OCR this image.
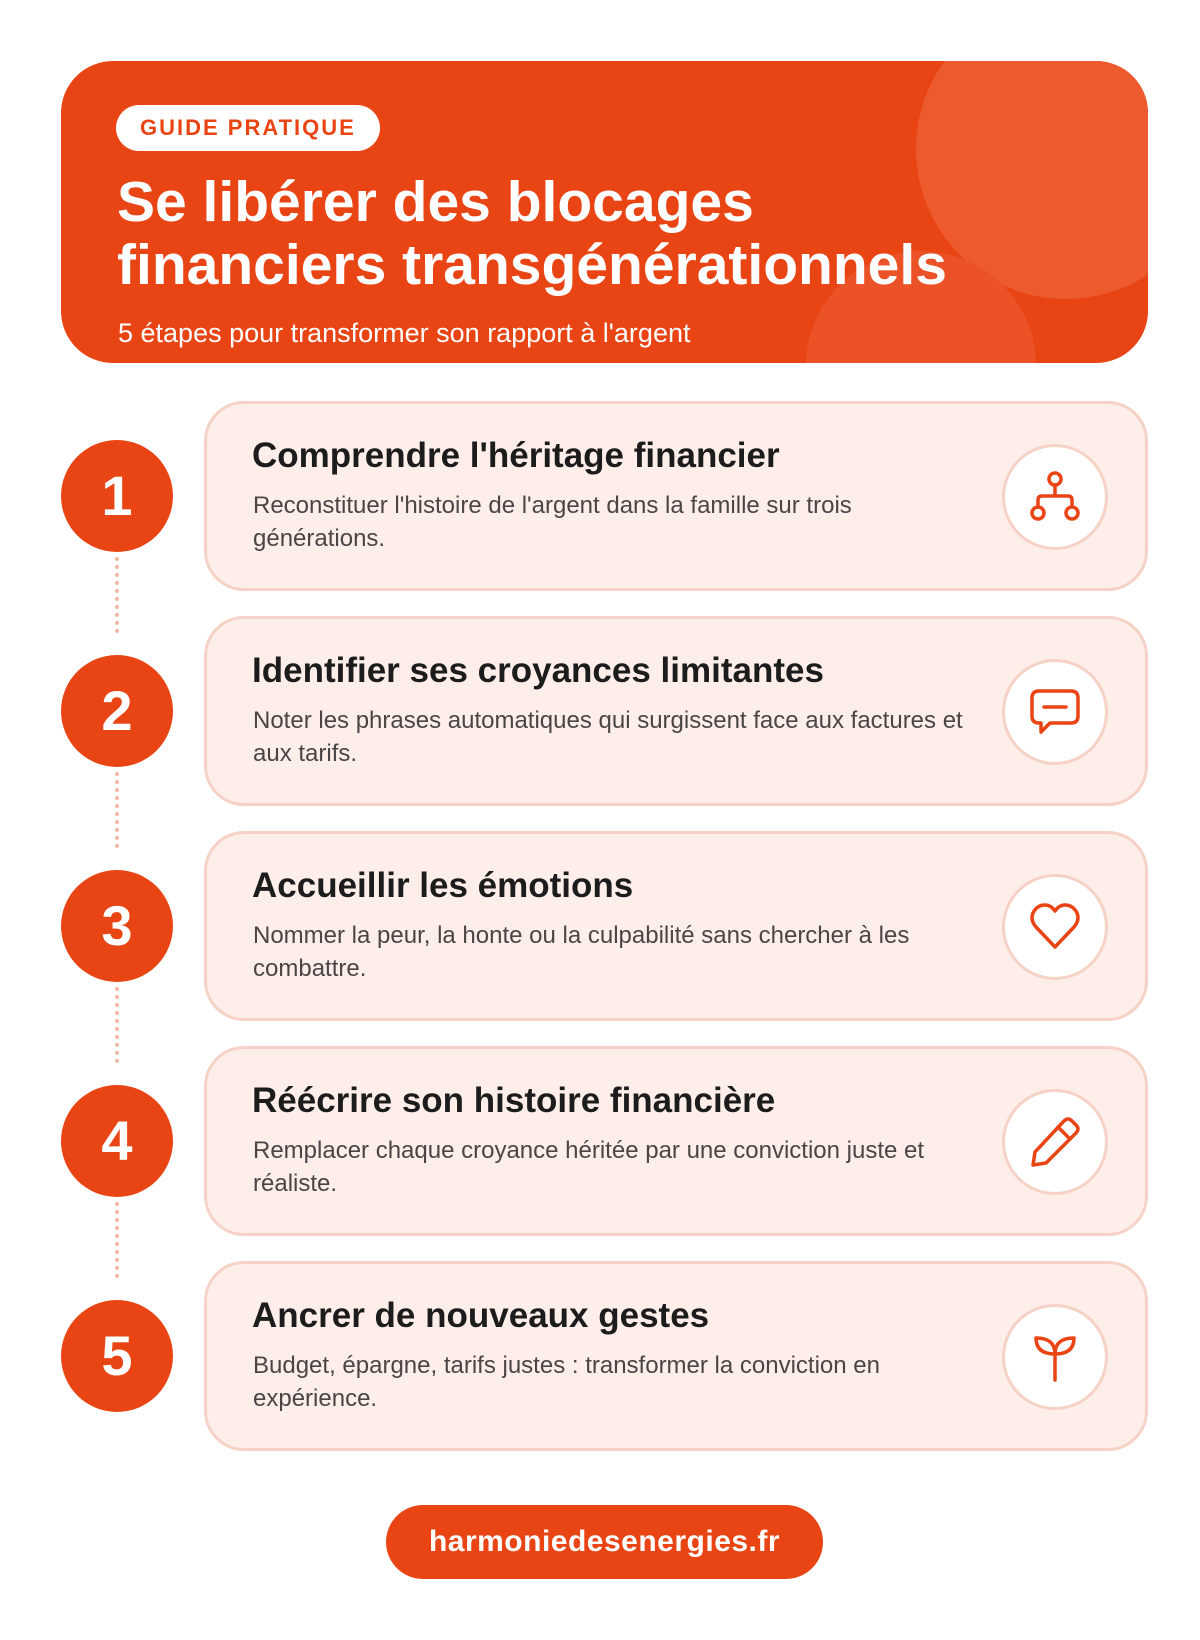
GUIDE PRATIQUE
Se libérer des blocages
financiers transgénérationnels
5 étapes pour transformer son rapport à l'argent
1
Comprendre l'héritage financier
Reconstituer l'histoire de l'argent dans la famille sur trois générations.
2
Identifier ses croyances limitantes
Noter les phrases automatiques qui surgissent face aux factures et aux tarifs.
3
Accueillir les émotions
Nommer la peur, la honte ou la culpabilité sans chercher à les combattre.
4
Réécrire son histoire financière
Remplacer chaque croyance héritée par une conviction juste et réaliste.
5
Ancrer de nouveaux gestes
Budget, épargne, tarifs justes : transformer la conviction en expérience.
harmoniedesenergies.fr
